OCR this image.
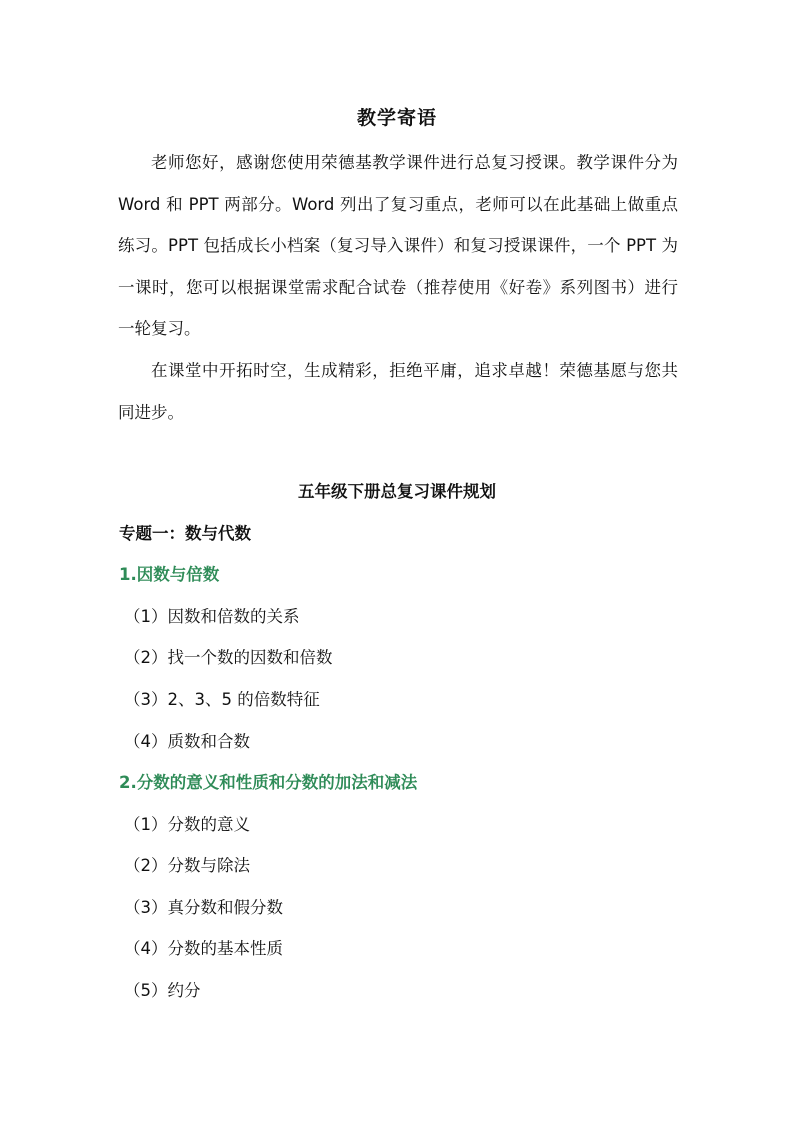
教学寄语

老师您好，感谢您使用荣德基教学课件进行总复习授课。教学课件分为 Word 和 PPT 两部分。Word 列出了复习重点，老师可以在此基础上做重点练习。PPT 包括成长小档案（复习导入课件）和复习授课课件，一个 PPT 为一课时，您可以根据课堂需求配合试卷（推荐使用《好卷》系列图书）进行一轮复习。

在课堂中开拓时空，生成精彩，拒绝平庸，追求卓越！荣德基愿与您共同进步。

五年级下册总复习课件规划
专题一：数与代数
1.因数与倍数
（1）因数和倍数的关系
（2）找一个数的因数和倍数
（3）2、3、5 的倍数特征
（4）质数和合数
2.分数的意义和性质和分数的加法和减法
（1）分数的意义
（2）分数与除法
（3）真分数和假分数
（4）分数的基本性质
（5）约分
